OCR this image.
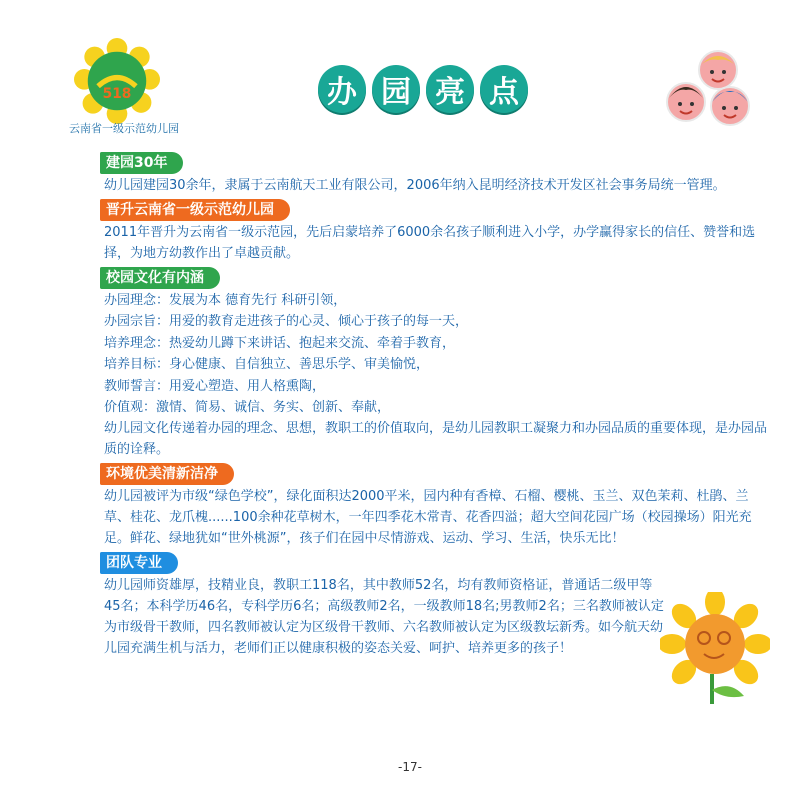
518
云南省一级示范幼儿园
办 园 亮 点
建园30年

幼儿园建园30余年，隶属于云南航天工业有限公司，2006年纳入昆明经济技术开发区社会事务局统一管理。

晋升云南省一级示范幼儿园

2011年晋升为云南省一级示范园，先后启蒙培养了6000余名孩子顺利进入小学，办学赢得家长的信任、赞誉和选择，为地方幼教作出了卓越贡献。

校园文化有内涵
办园理念：发展为本 德育先行 科研引领，
办园宗旨：用爱的教育走进孩子的心灵、倾心于孩子的每一天，
培养理念：热爱幼儿蹲下来讲话、抱起来交流、牵着手教育，
培养目标：身心健康、自信独立、善思乐学、审美愉悦，
教师誓言：用爱心塑造、用人格熏陶，
价值观：激情、简易、诚信、务实、创新、奉献，

幼儿园文化传递着办园的理念、思想，教职工的价值取向，是幼儿园教职工凝聚力和办园品质的重要体现，是办园品质的诠释。

环境优美清新洁净

幼儿园被评为市级“绿色学校”，绿化面积达2000平米，园内种有香樟、石榴、樱桃、玉兰、双色茉莉、杜鹃、兰草、桂花、龙爪槐......100余种花草树木，一年四季花木常青、花香四溢；超大空间花园广场（校园操场）阳光充足。鲜花、绿地犹如“世外桃源”，孩子们在园中尽情游戏、运动、学习、生活，快乐无比！

团队专业

幼儿园师资雄厚，技精业良，教职工118名，其中教师52名，均有教师资格证，普通话二级甲等45名；本科学历46名，专科学历6名；高级教师2名，一级教师18名;男教师2名；三名教师被认定为市级骨干教师，四名教师被认定为区级骨干教师、六名教师被认定为区级教坛新秀。如今航天幼儿园充满生机与活力，老师们正以健康积极的姿态关爱、呵护、培养更多的孩子！

-17-
